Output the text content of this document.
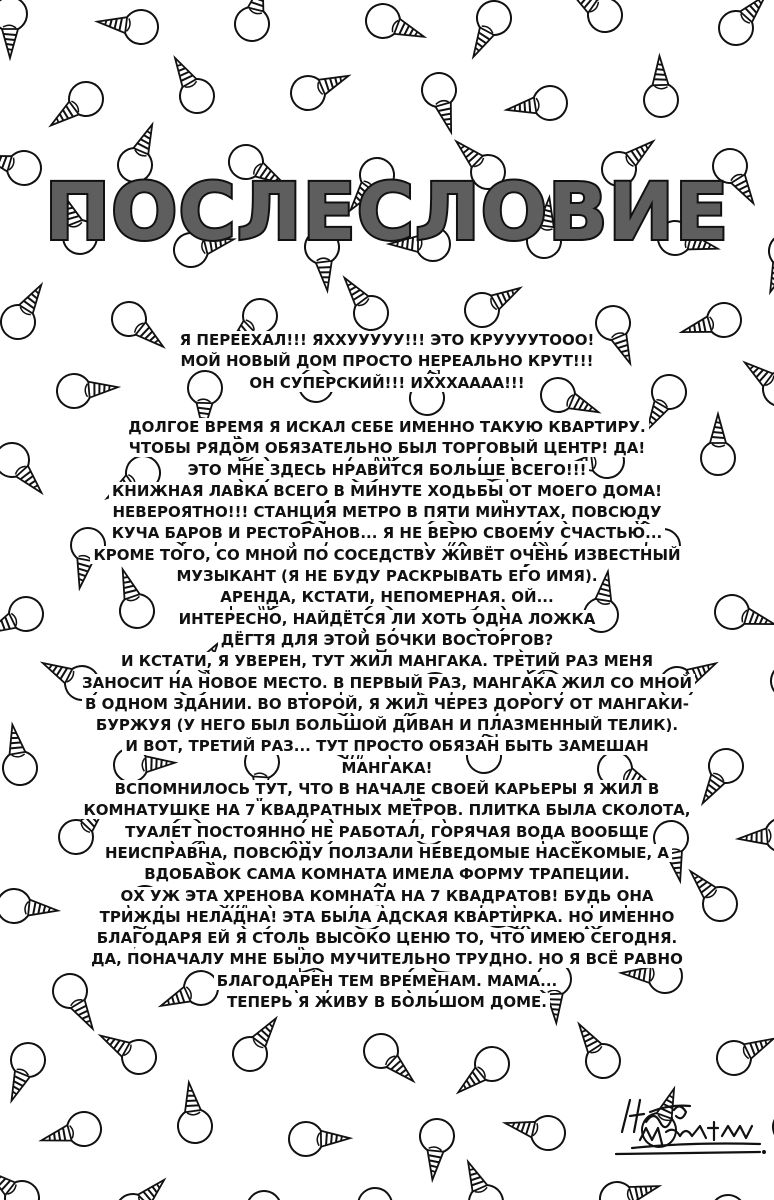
ПОСЛЕСЛОВИЕ
Я ПЕРЕЕХАЛ!!! ЯХХУУУУУ!!! ЭТО КРУУУУТОOO!
МОЙ НОВЫЙ ДОМ ПРОСТО НЕРЕАЛЬНО КРУТ!!!
ОН СУПЕРСКИЙ!!! ИХХХАААА!!!
ДОЛГОЕ ВРЕМЯ Я ИСКАЛ СЕБЕ ИМЕННО ТАКУЮ КВАРТИРУ.
ЧТОБЫ РЯДОМ ОБЯЗАТЕЛЬНО БЫЛ ТОРГОВЫЙ ЦЕНТР! ДА!
ЭТО МНЕ ЗДЕСЬ НРАВИТСЯ БОЛЬШЕ ВСЕГО!!!
КНИЖНАЯ ЛАВКА ВСЕГО В МИНУТЕ ХОДЬБЫ ОТ МОЕГО ДОМА!
НЕВЕРОЯТНО!!! СТАНЦИЯ МЕТРО В ПЯТИ МИНУТАХ, ПОВСЮДУ
КУЧА БАРОВ И РЕСТОРАНОВ... Я НЕ ВЕРЮ СВОЕМУ СЧАСТЬЮ...
КРОМЕ ТОГО, СО МНОЙ ПО СОСЕДСТВУ ЖИВЁТ ОЧЕНЬ ИЗВЕСТНЫЙ
МУЗЫКАНТ (Я НЕ БУДУ РАСКРЫВАТЬ ЕГО ИМЯ).
АРЕНДА, КСТАТИ, НЕПОМЕРНАЯ. ОЙ...
ИНТЕРЕСНО, НАЙДЁТСЯ ЛИ ХОТЬ ОДНА ЛОЖКА
ДЁГТЯ ДЛЯ ЭТОЙ БОЧКИ ВОСТОРГОВ?
И КСТАТИ, Я УВЕРЕН, ТУТ ЖИЛ МАНГАКА. ТРЕТИЙ РАЗ МЕНЯ
ЗАНОСИТ НА НОВОЕ МЕСТО. В ПЕРВЫЙ РАЗ, МАНГАКА ЖИЛ СО МНОЙ
В ОДНОМ ЗДАНИИ. ВО ВТОРОЙ, Я ЖИЛ ЧЕРЕЗ ДОРОГУ ОТ МАНГАКИ-
БУРЖУЯ (У НЕГО БЫЛ БОЛЬШОЙ ДИВАН И ПЛАЗМЕННЫЙ ТЕЛИК).
И ВОТ, ТРЕТИЙ РАЗ... ТУТ ПРОСТО ОБЯЗАН БЫТЬ ЗАМЕШАН
МАНГАКА!
ВСПОМНИЛОСЬ ТУТ, ЧТО В НАЧАЛЕ СВОЕЙ КАРЬЕРЫ Я ЖИЛ В
КОМНАТУШКЕ НА 7 КВАДРАТНЫХ МЕТРОВ. ПЛИТКА БЫЛА СКОЛОТА,
ТУАЛЕТ ПОСТОЯННО НЕ РАБОТАЛ, ГОРЯЧАЯ ВОДА ВООБЩЕ
НЕИСПРАВНА, ПОВСЮДУ ПОЛЗАЛИ НЕВЕДОМЫЕ НАСЕКОМЫЕ, А
ВДОБАВОК САМА КОМНАТА ИМЕЛА ФОРМУ ТРАПЕЦИИ.
ОХ УЖ ЭТА ХРЕНОВА КОМНАТА НА 7 КВАДРАТОВ! БУДЬ ОНА
ТРИЖДЫ НЕЛАДНА! ЭТА БЫЛА АДСКАЯ КВАРТИРКА. НО ИМЕННО
БЛАГОДАРЯ ЕЙ Я СТОЛЬ ВЫСОКО ЦЕНЮ ТО, ЧТО ИМЕЮ СЕГОДНЯ.
ДА, ПОНАЧАЛУ МНЕ БЫЛО МУЧИТЕЛЬНО ТРУДНО. НО Я ВСЁ РАВНО
БЛАГОДАРЕН ТЕМ ВРЕМЕНАМ. МАМА...
ТЕПЕРЬ Я ЖИВУ В БОЛЬШОМ ДОМЕ.
